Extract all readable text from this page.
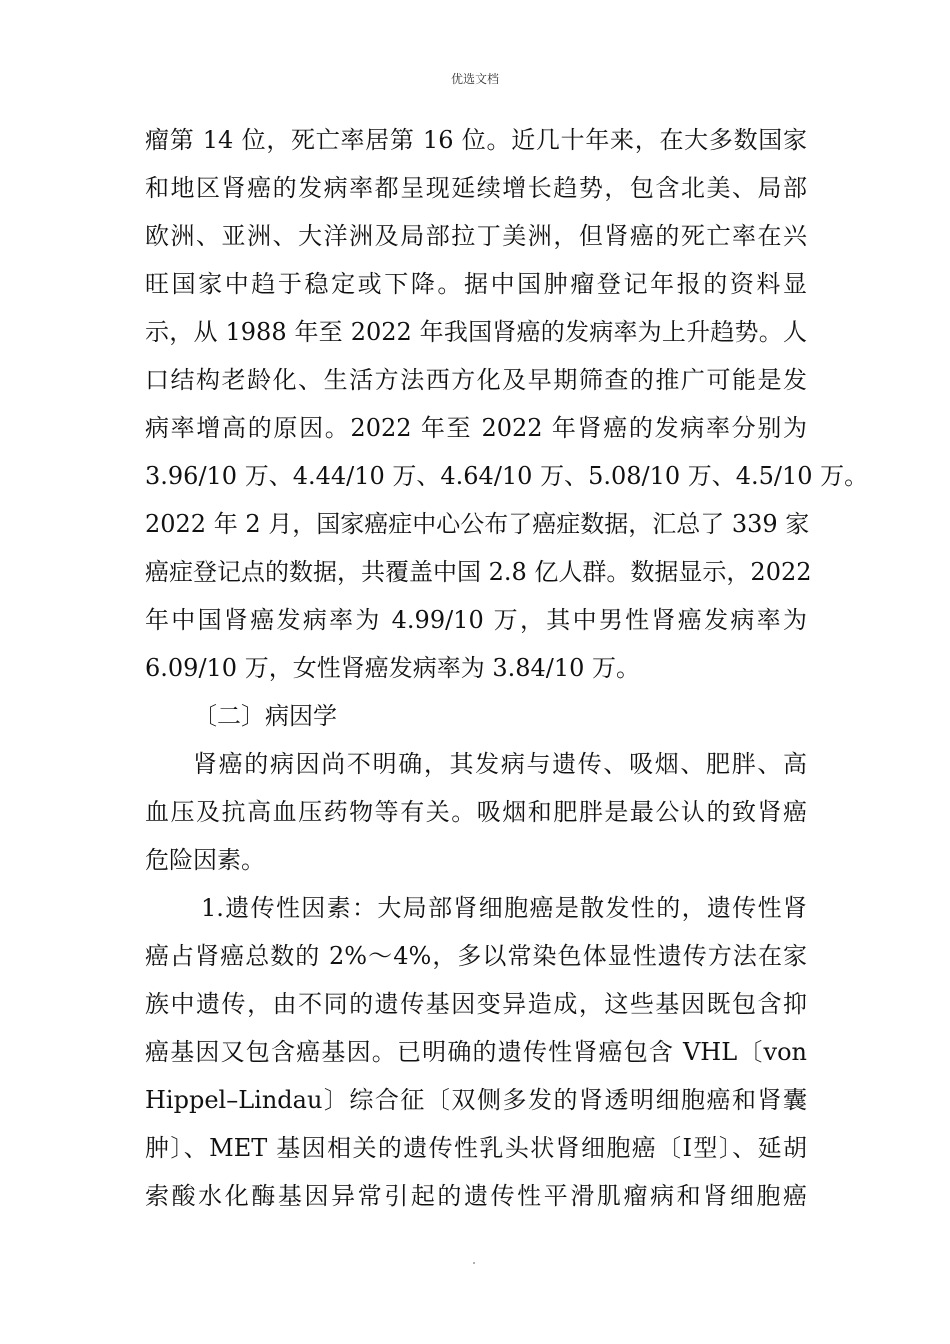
优选文档
瘤第 14 位，死亡率居第 16 位。近几十年来，在大多数国家
和地区肾癌的发病率都呈现延续增长趋势，包含北美、局部
欧洲、亚洲、大洋洲及局部拉丁美洲，但肾癌的死亡率在兴
旺国家中趋于稳定或下降。据中国肿瘤登记年报的资料显
示，从 1988 年至 2022 年我国肾癌的发病率为上升趋势。人
口结构老龄化、生活方法西方化及早期筛查的推广可能是发
病率增高的原因。2022 年至 2022 年肾癌的发病率分别为
3.96/10 万、4.44/10 万、4.64/10 万、5.08/10 万、4.5/10 万。
2022 年 2 月，国家癌症中心公布了癌症数据，汇总了 339 家
癌症登记点的数据，共覆盖中国 2.8 亿人群。数据显示，2022
年中国肾癌发病率为 4.99/10 万，其中男性肾癌发病率为
6.09/10 万，女性肾癌发病率为 3.84/10 万。
〔二〕病因学
肾癌的病因尚不明确，其发病与遗传、吸烟、肥胖、高
血压及抗高血压药物等有关。吸烟和肥胖是最公认的致肾癌
危险因素。
1.遗传性因素：大局部肾细胞癌是散发性的，遗传性肾
癌占肾癌总数的 2%～4%，多以常染色体显性遗传方法在家
族中遗传，由不同的遗传基因变异造成，这些基因既包含抑
癌基因又包含癌基因。已明确的遗传性肾癌包含 VHL〔von
Hippel–Lindau〕综合征〔双侧多发的肾透明细胞癌和肾囊
肿〕、MET 基因相关的遗传性乳头状肾细胞癌〔Ⅰ型〕、延胡
索酸水化酶基因异常引起的遗传性平滑肌瘤病和肾细胞癌
